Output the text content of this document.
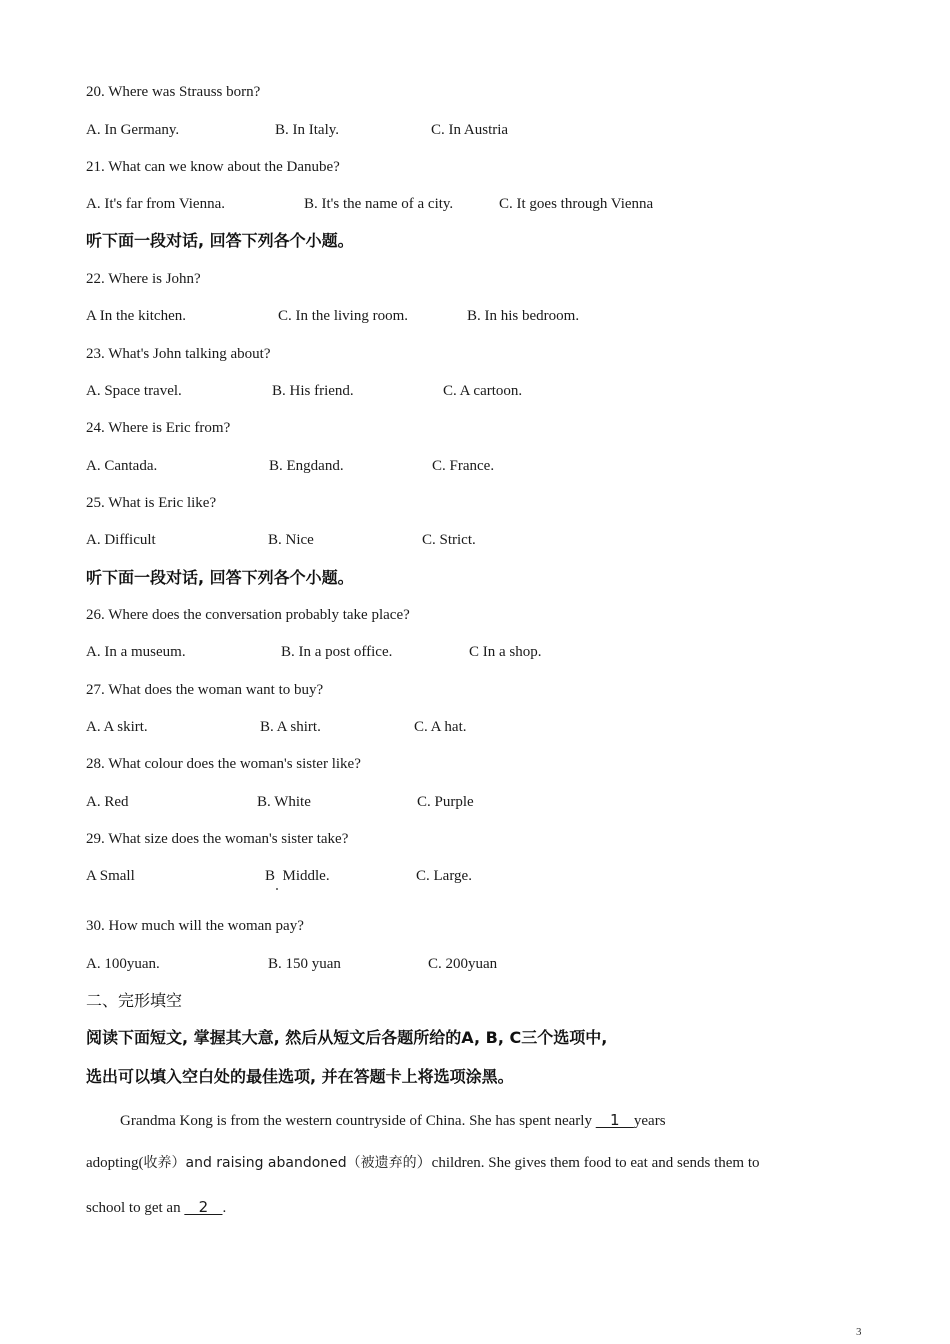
20. Where was Strauss born?

A. In Germany.	B. In Italy.	C. In Austria

21. What can we know about the Danube?

A. It's far from Vienna.	B. It's the name of a city.	C. It goes through Vienna

听下面一段对话, 回答下列各个小题。

22. Where is John?

A In the kitchen.	C. In the living room.	B. In his bedroom.

23. What's John talking about?

A. Space travel.	B. His friend.	C. A cartoon.

24. Where is Eric from?

A. Cantada.	B. Engdand.	C. France.

25. What is Eric like?

A. Difficult	B. Nice	C. Strict.

听下面一段对话, 回答下列各个小题。

26. Where does the conversation probably take place?

A. In a museum.	B. In a post office.	C In a shop.

27. What does the woman want to buy?

A. A skirt.	B. A shirt.	C. A hat.

28. What colour does the woman's sister like?

A. Red	B. White	C. Purple

29. What size does the woman's sister take?

A Small	B  Middle.	C. Large.

30. How much will the woman pay?

A. 100yuan.	B. 150 yuan	C. 200yuan

二、完形填空

阅读下面短文, 掌握其大意, 然后从短文后各题所给的A, B, C三个选项中,

选出可以填入空白处的最佳选项, 并在答题卡上将选项涂黑。

Grandma Kong is from the western countryside of China. She has spent nearly    1   years

adopting(收养）and raising abandoned（被遗弃的）children. She gives them food to eat and sends them to

school to get an    2   .

3
